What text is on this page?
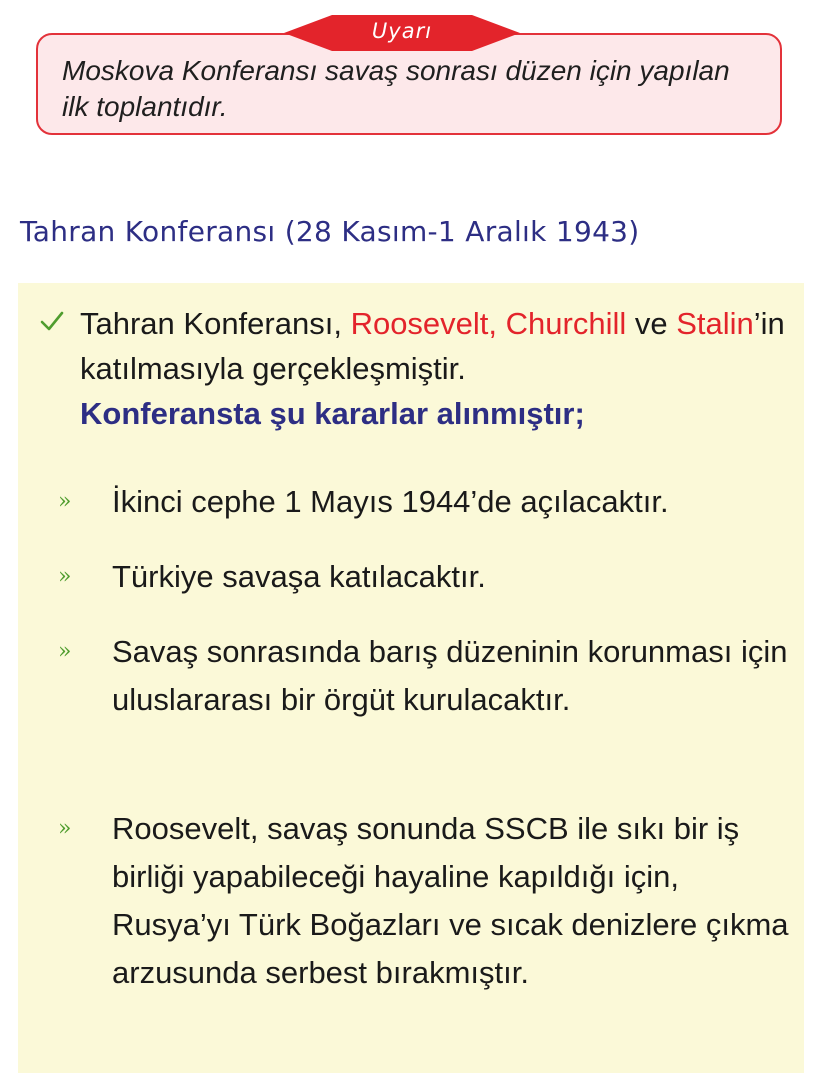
Moskova Konferansı savaş sonrası düzen için yapılan ilk toplantıdır.
Uyarı
Tahran Konferansı (28 Kasım-1 Aralık 1943)
Tahran Konferansı, Roosevelt, Churchill ve Stalin’in katılmasıyla gerçekleşmiştir.
Konferansta şu kararlar alınmıştır;
» İkinci cephe 1 Mayıs 1944’de açılacaktır.
» Türkiye savaşa katılacaktır.
» Savaş sonrasında barış düzeninin korunması için uluslararası bir örgüt kurulacaktır.
» Roosevelt, savaş sonunda SSCB ile sıkı bir iş birliği yapabileceği hayaline kapıldığı için, Rusya’yı Türk Boğazları ve sıcak denizlere çıkma arzusunda serbest bırakmıştır.
